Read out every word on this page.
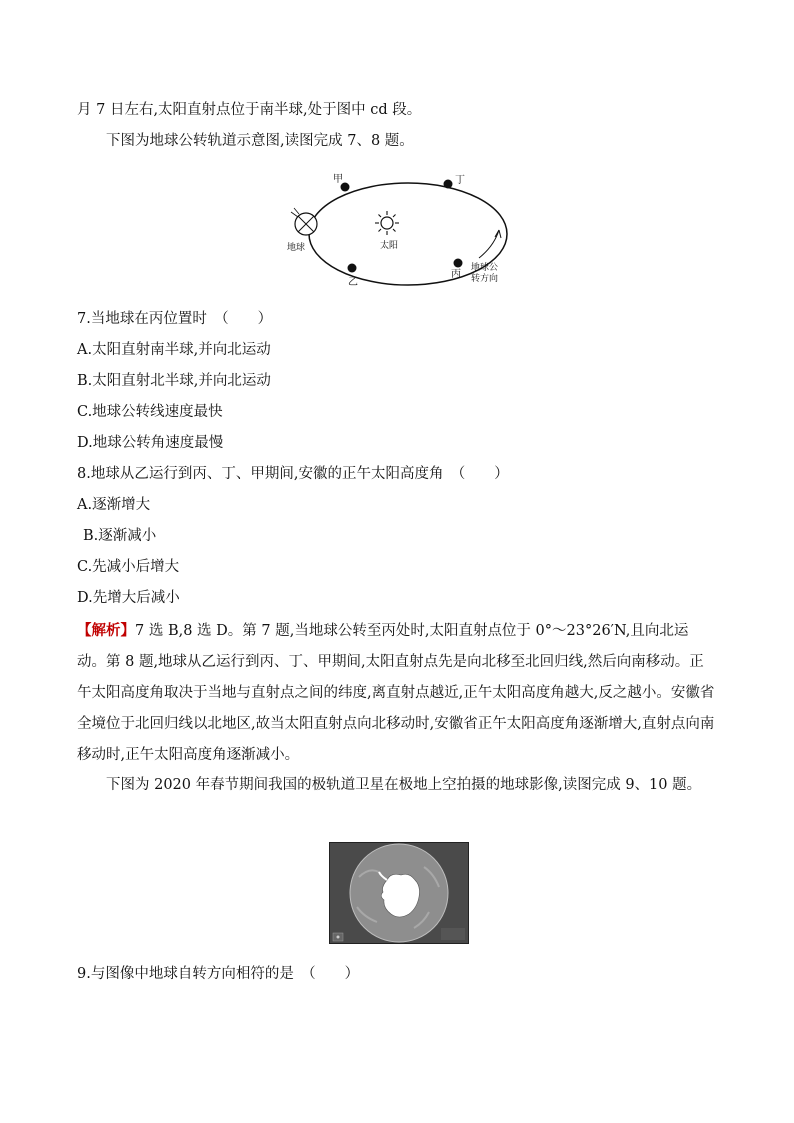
月 7 日左右,太阳直射点位于南半球,处于图中 cd 段。
下图为地球公转轨道示意图,读图完成 7、8 题。
甲	丁
乙
丙
地球	太阳
地球公
转方向
7.当地球在丙位置时　（　　）
A.太阳直射南半球,并向北运动
B.太阳直射北半球,并向北运动
C.地球公转线速度最快
D.地球公转角速度最慢
8.地球从乙运行到丙、丁、甲期间,安徽的正午太阳高度角　（　　）
A.逐渐增大
B.逐渐减小
C.先减小后增大
D.先增大后减小
【解析】7 选 B,8 选 D。第 7 题,当地球公转至丙处时,太阳直射点位于 0°～23°26′N,且向北运动。第 8 题,地球从乙运行到丙、丁、甲期间,太阳直射点先是向北移至北回归线,然后向南移动。正午太阳高度角取决于当地与直射点之间的纬度,离直射点越近,正午太阳高度角越大,反之越小。安徽省全境位于北回归线以北地区,故当太阳直射点向北移动时,安徽省正午太阳高度角逐渐增大,直射点向南移动时,正午太阳高度角逐渐减小。
下图为 2020 年春节期间我国的极轨道卫星在极地上空拍摄的地球影像,读图完成 9、10 题。
9.与图像中地球自转方向相符的是　（　　）
